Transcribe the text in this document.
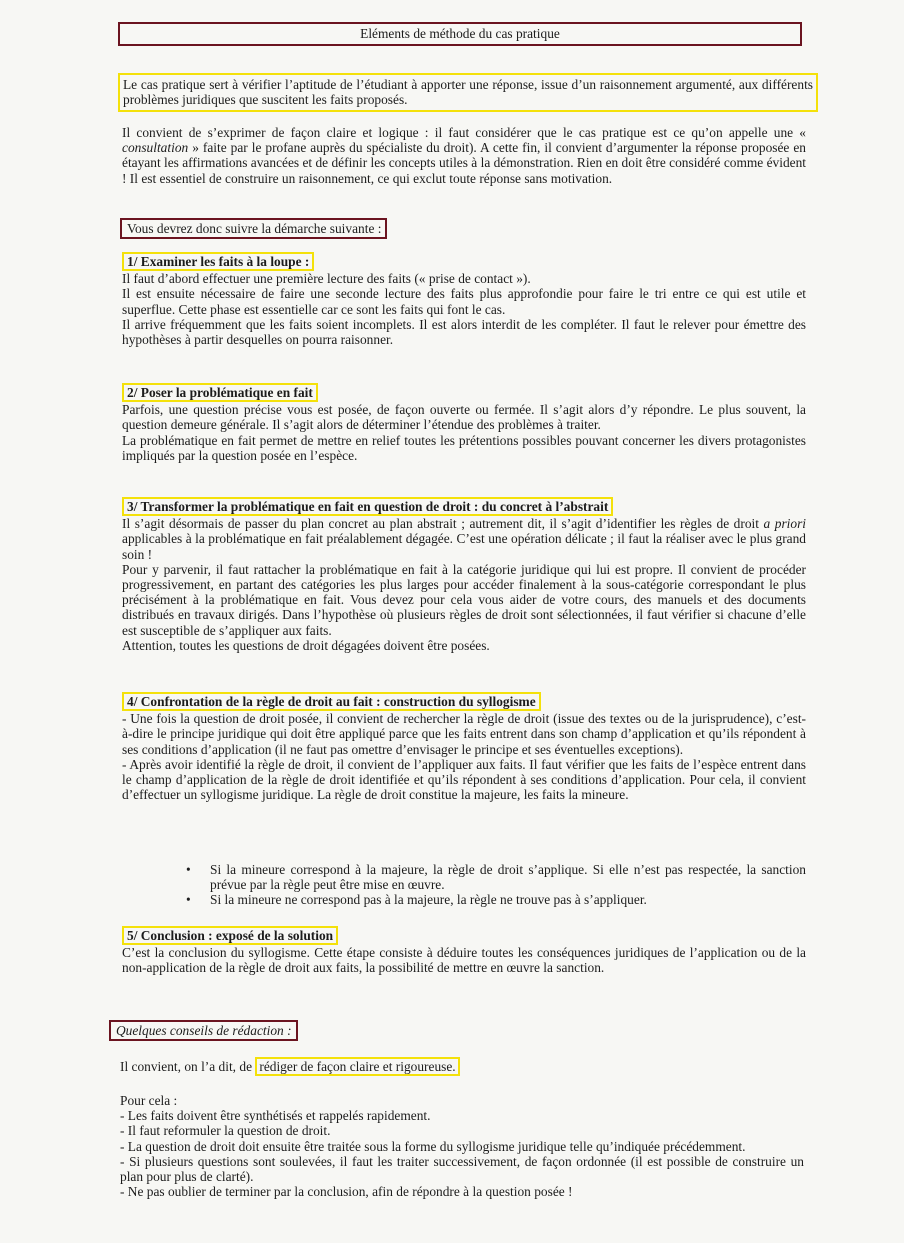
Eléments de méthode du cas pratique
Le cas pratique sert à vérifier l’aptitude de l’étudiant à apporter une réponse, issue d’un raisonnement argumenté, aux différents problèmes juridiques que suscitent les faits proposés.
Il convient de s’exprimer de façon claire et logique : il faut considérer que le cas pratique est ce qu’on appelle une « consultation » faite par le profane auprès du spécialiste du droit). A cette fin, il convient d’argumenter la réponse proposée en étayant les affirmations avancées et de définir les concepts utiles à la démonstration. Rien en doit être considéré comme évident ! Il est essentiel de construire un raisonnement, ce qui exclut toute réponse sans motivation.
Vous devrez donc suivre la démarche suivante :
1/ Examiner les faits à la loupe :

Il faut d’abord effectuer une première lecture des faits (« prise de contact »).

Il est ensuite nécessaire de faire une seconde lecture des faits plus approfondie pour faire le tri entre ce qui est utile et superflue. Cette phase est essentielle car ce sont les faits qui font le cas.

Il arrive fréquemment que les faits soient incomplets. Il est alors interdit de les compléter. Il faut le relever pour émettre des hypothèses à partir desquelles on pourra raisonner.

2/ Poser la problématique en fait

Parfois, une question précise vous est posée, de façon ouverte ou fermée. Il s’agit alors d’y répondre. Le plus souvent, la question demeure générale. Il s’agit alors de déterminer l’étendue des problèmes à traiter.

La problématique en fait permet de mettre en relief toutes les prétentions possibles pouvant concerner les divers protagonistes impliqués par la question posée en l’espèce.

3/ Transformer la problématique en fait en question de droit : du concret à l’abstrait

Il s’agit désormais de passer du plan concret au plan abstrait ; autrement dit, il s’agit d’identifier les règles de droit a priori applicables à la problématique en fait préalablement dégagée. C’est une opération délicate ; il faut la réaliser avec le plus grand soin !

Pour y parvenir, il faut rattacher la problématique en fait à la catégorie juridique qui lui est propre. Il convient de procéder progressivement, en partant des catégories les plus larges pour accéder finalement à la sous-catégorie correspondant le plus précisément à la problématique en fait. Vous devez pour cela vous aider de votre cours, des manuels et des documents distribués en travaux dirigés. Dans l’hypothèse où plusieurs règles de droit sont sélectionnées, il faut vérifier si chacune d’elle est susceptible de s’appliquer aux faits.

Attention, toutes les questions de droit dégagées doivent être posées.

4/ Confrontation de la règle de droit au fait : construction du syllogisme

- Une fois la question de droit posée, il convient de rechercher la règle de droit (issue des textes ou de la jurisprudence), c’est-à-dire le principe juridique qui doit être appliqué parce que les faits entrent dans son champ d’application et qu’ils répondent à ses conditions d’application (il ne faut pas omettre d’envisager le principe et ses éventuelles exceptions).

- Après avoir identifié la règle de droit, il convient de l’appliquer aux faits. Il faut vérifier que les faits de l’espèce entrent dans le champ d’application de la règle de droit identifiée et qu’ils répondent à ses conditions d’application. Pour cela, il convient d’effectuer un syllogisme juridique. La règle de droit constitue la majeure, les faits la mineure.

• Si la mineure correspond à la majeure, la règle de droit s’applique. Si elle n’est pas respectée, la sanction prévue par la règle peut être mise en œuvre.
• Si la mineure ne correspond pas à la majeure, la règle ne trouve pas à s’appliquer.
5/ Conclusion : exposé de la solution

C’est la conclusion du syllogisme. Cette étape consiste à déduire toutes les conséquences juridiques de l’application ou de la non-application de la règle de droit aux faits, la possibilité de mettre en œuvre la sanction.

Quelques conseils de rédaction :
Il convient, on l’a dit, de rédiger de façon claire et rigoureuse.

Pour cela :

- Les faits doivent être synthétisés et rappelés rapidement.

- Il faut reformuler la question de droit.

- La question de droit doit ensuite être traitée sous la forme du syllogisme juridique telle qu’indiquée précédemment.

- Si plusieurs questions sont soulevées, il faut les traiter successivement, de façon ordonnée (il est possible de construire un plan pour plus de clarté).

- Ne pas oublier de terminer par la conclusion, afin de répondre à la question posée !
